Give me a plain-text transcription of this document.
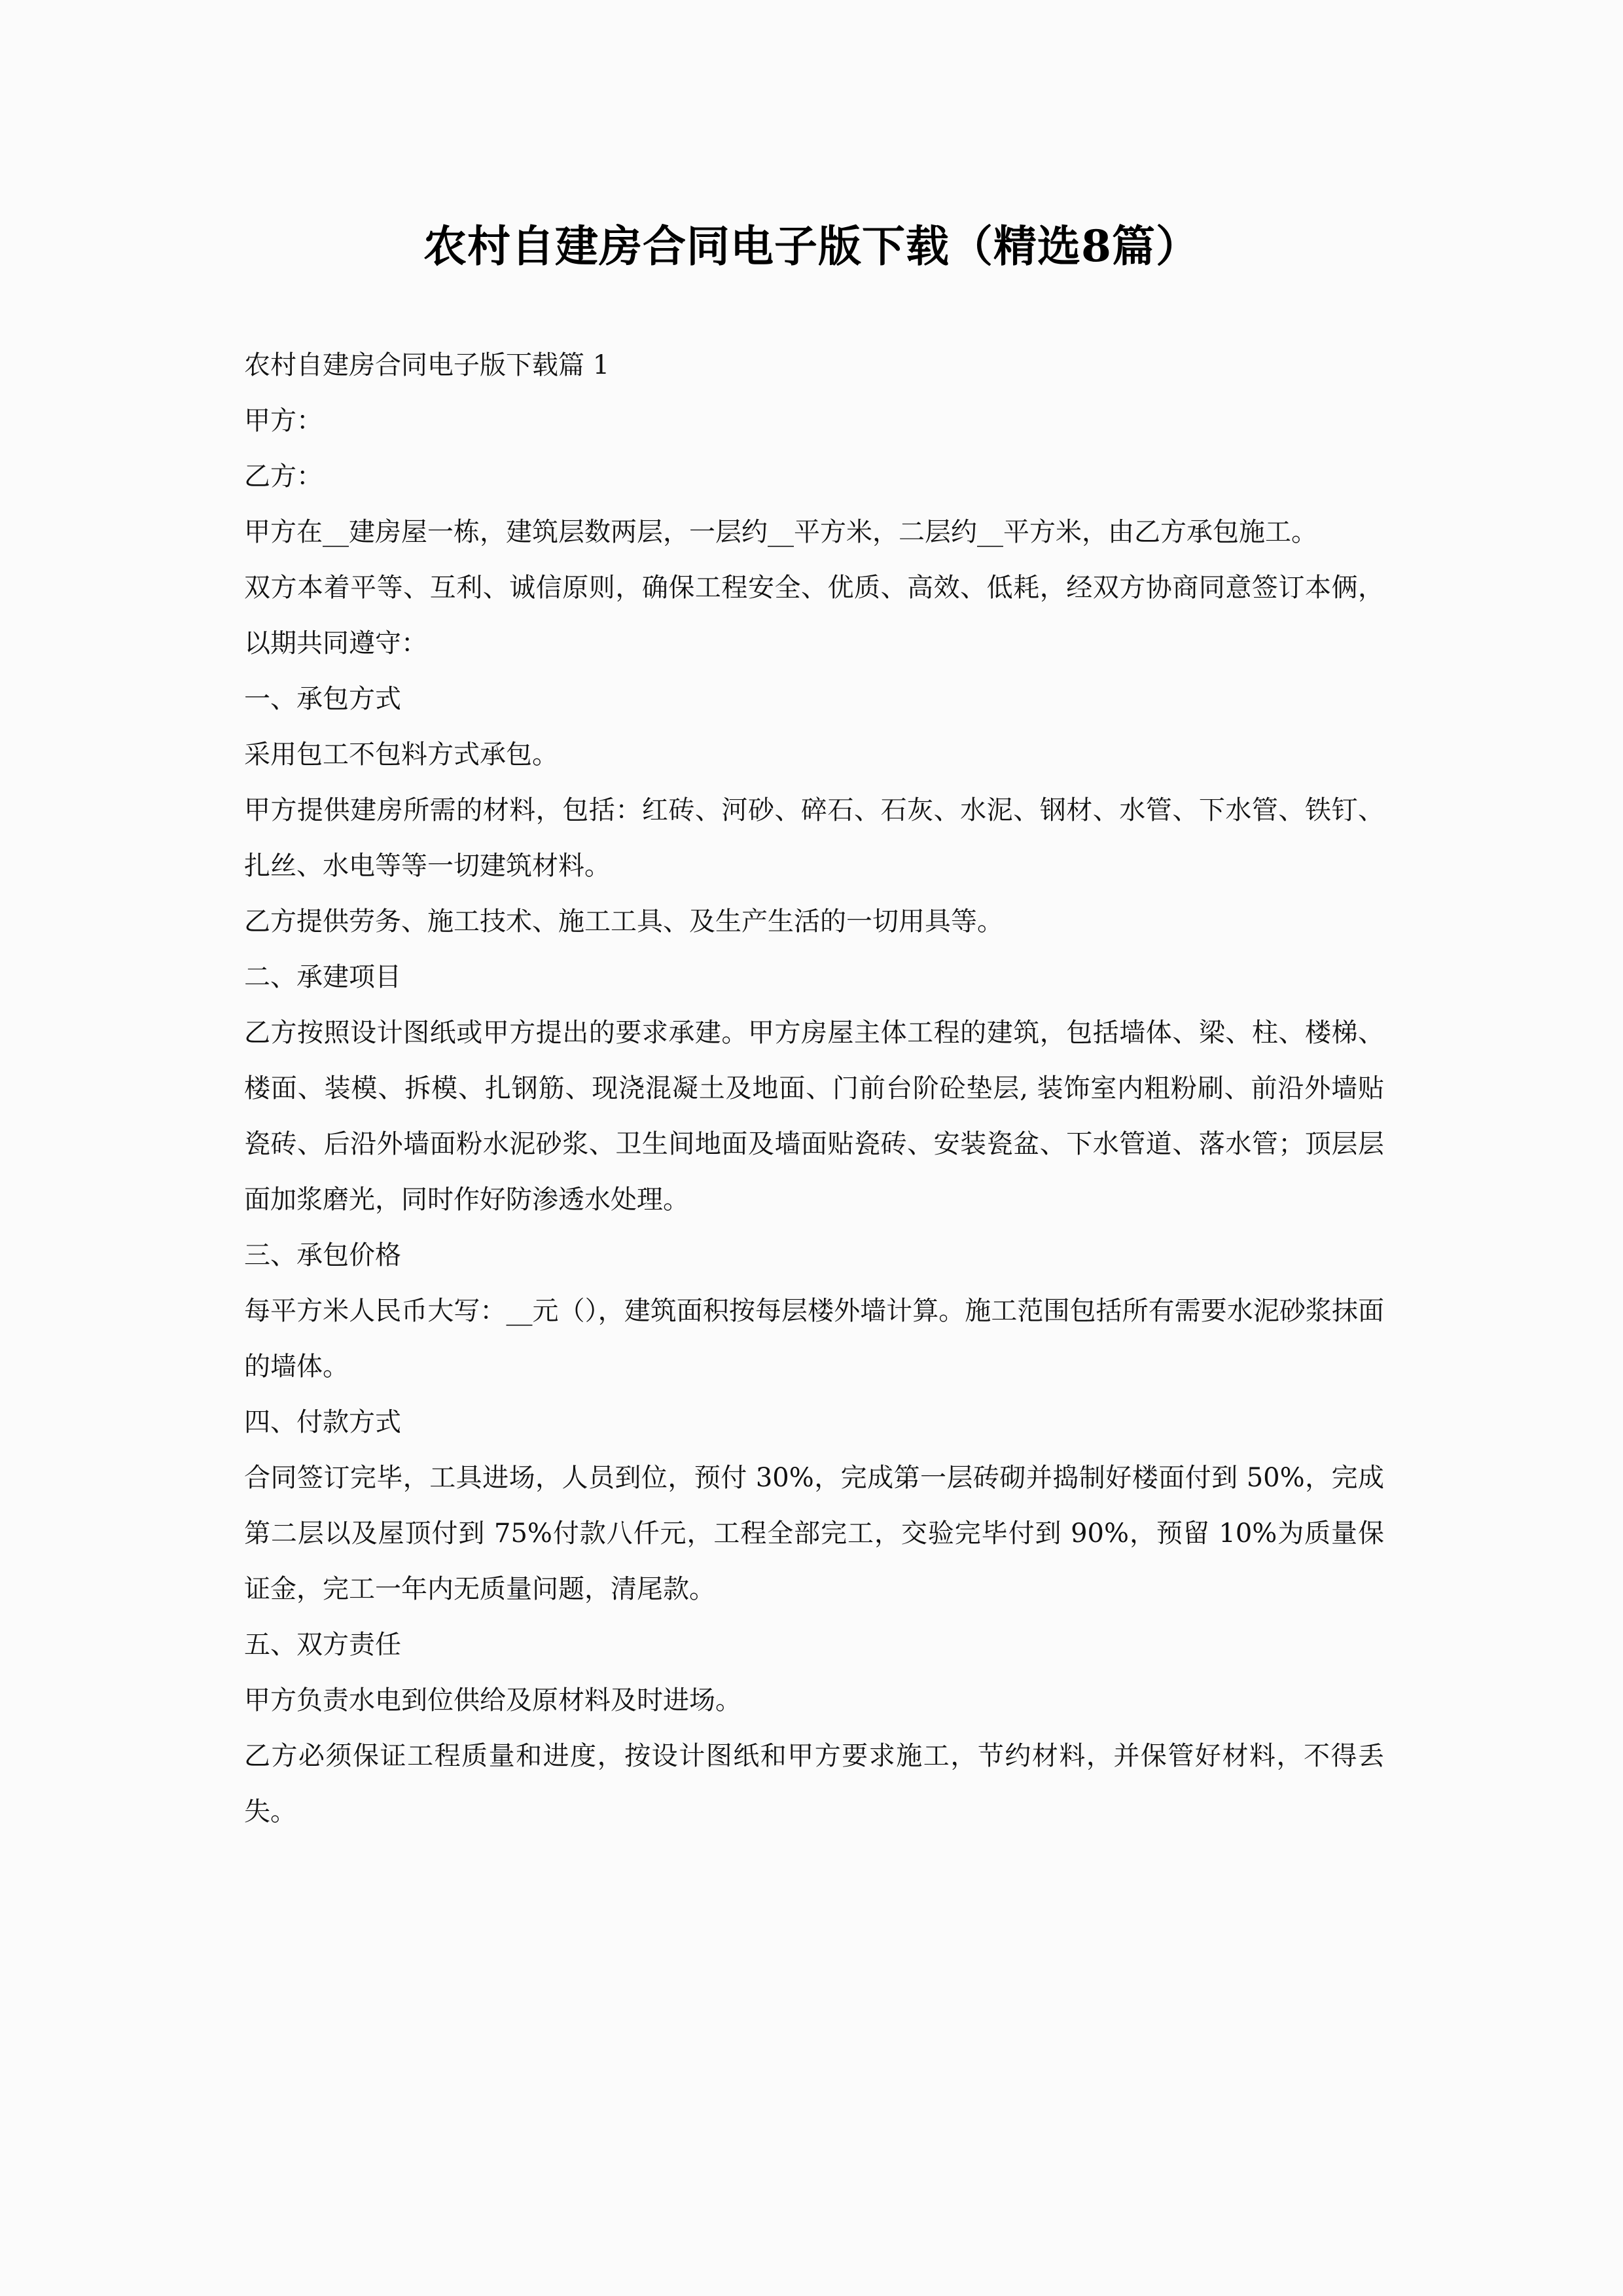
农村自建房合同电子版下载（精选8篇）

农村自建房合同电子版下载篇 1

甲方：

乙方：

甲方在__建房屋一栋，建筑层数两层，一层约__平方米，二层约__平方米，由乙方承包施工。

双方本着平等、互利、诚信原则，确保工程安全、优质、高效、低耗，经双方协商同意签订本俩，以期共同遵守：

一、承包方式

采用包工不包料方式承包。

甲方提供建房所需的材料，包括：红砖、河砂、碎石、石灰、水泥、钢材、水管、下水管、铁钉、扎丝、水电等等一切建筑材料。

乙方提供劳务、施工技术、施工工具、及生产生活的一切用具等。

二、承建项目

乙方按照设计图纸或甲方提出的要求承建。甲方房屋主体工程的建筑，包括墙体、梁、柱、楼梯、楼面、装模、拆模、扎钢筋、现浇混凝土及地面、门前台阶砼垫层, 装饰室内粗粉刷、前沿外墙贴瓷砖、后沿外墙面粉水泥砂浆、卫生间地面及墙面贴瓷砖、安装瓷盆、下水管道、落水管；顶层层面加浆磨光，同时作好防渗透水处理。

三、承包价格

每平方米人民币大写：__元（），建筑面积按每层楼外墙计算。施工范围包括所有需要水泥砂浆抹面的墙体。

四、付款方式

合同签订完毕，工具进场，人员到位，预付 30%，完成第一层砖砌并捣制好楼面付到 50%，完成第二层以及屋顶付到 75%付款八仟元，工程全部完工，交验完毕付到 90%，预留 10%为质量保证金，完工一年内无质量问题，清尾款。

五、双方责任

甲方负责水电到位供给及原材料及时进场。

乙方必须保证工程质量和进度，按设计图纸和甲方要求施工，节约材料，并保管好材料，不得丢失。
